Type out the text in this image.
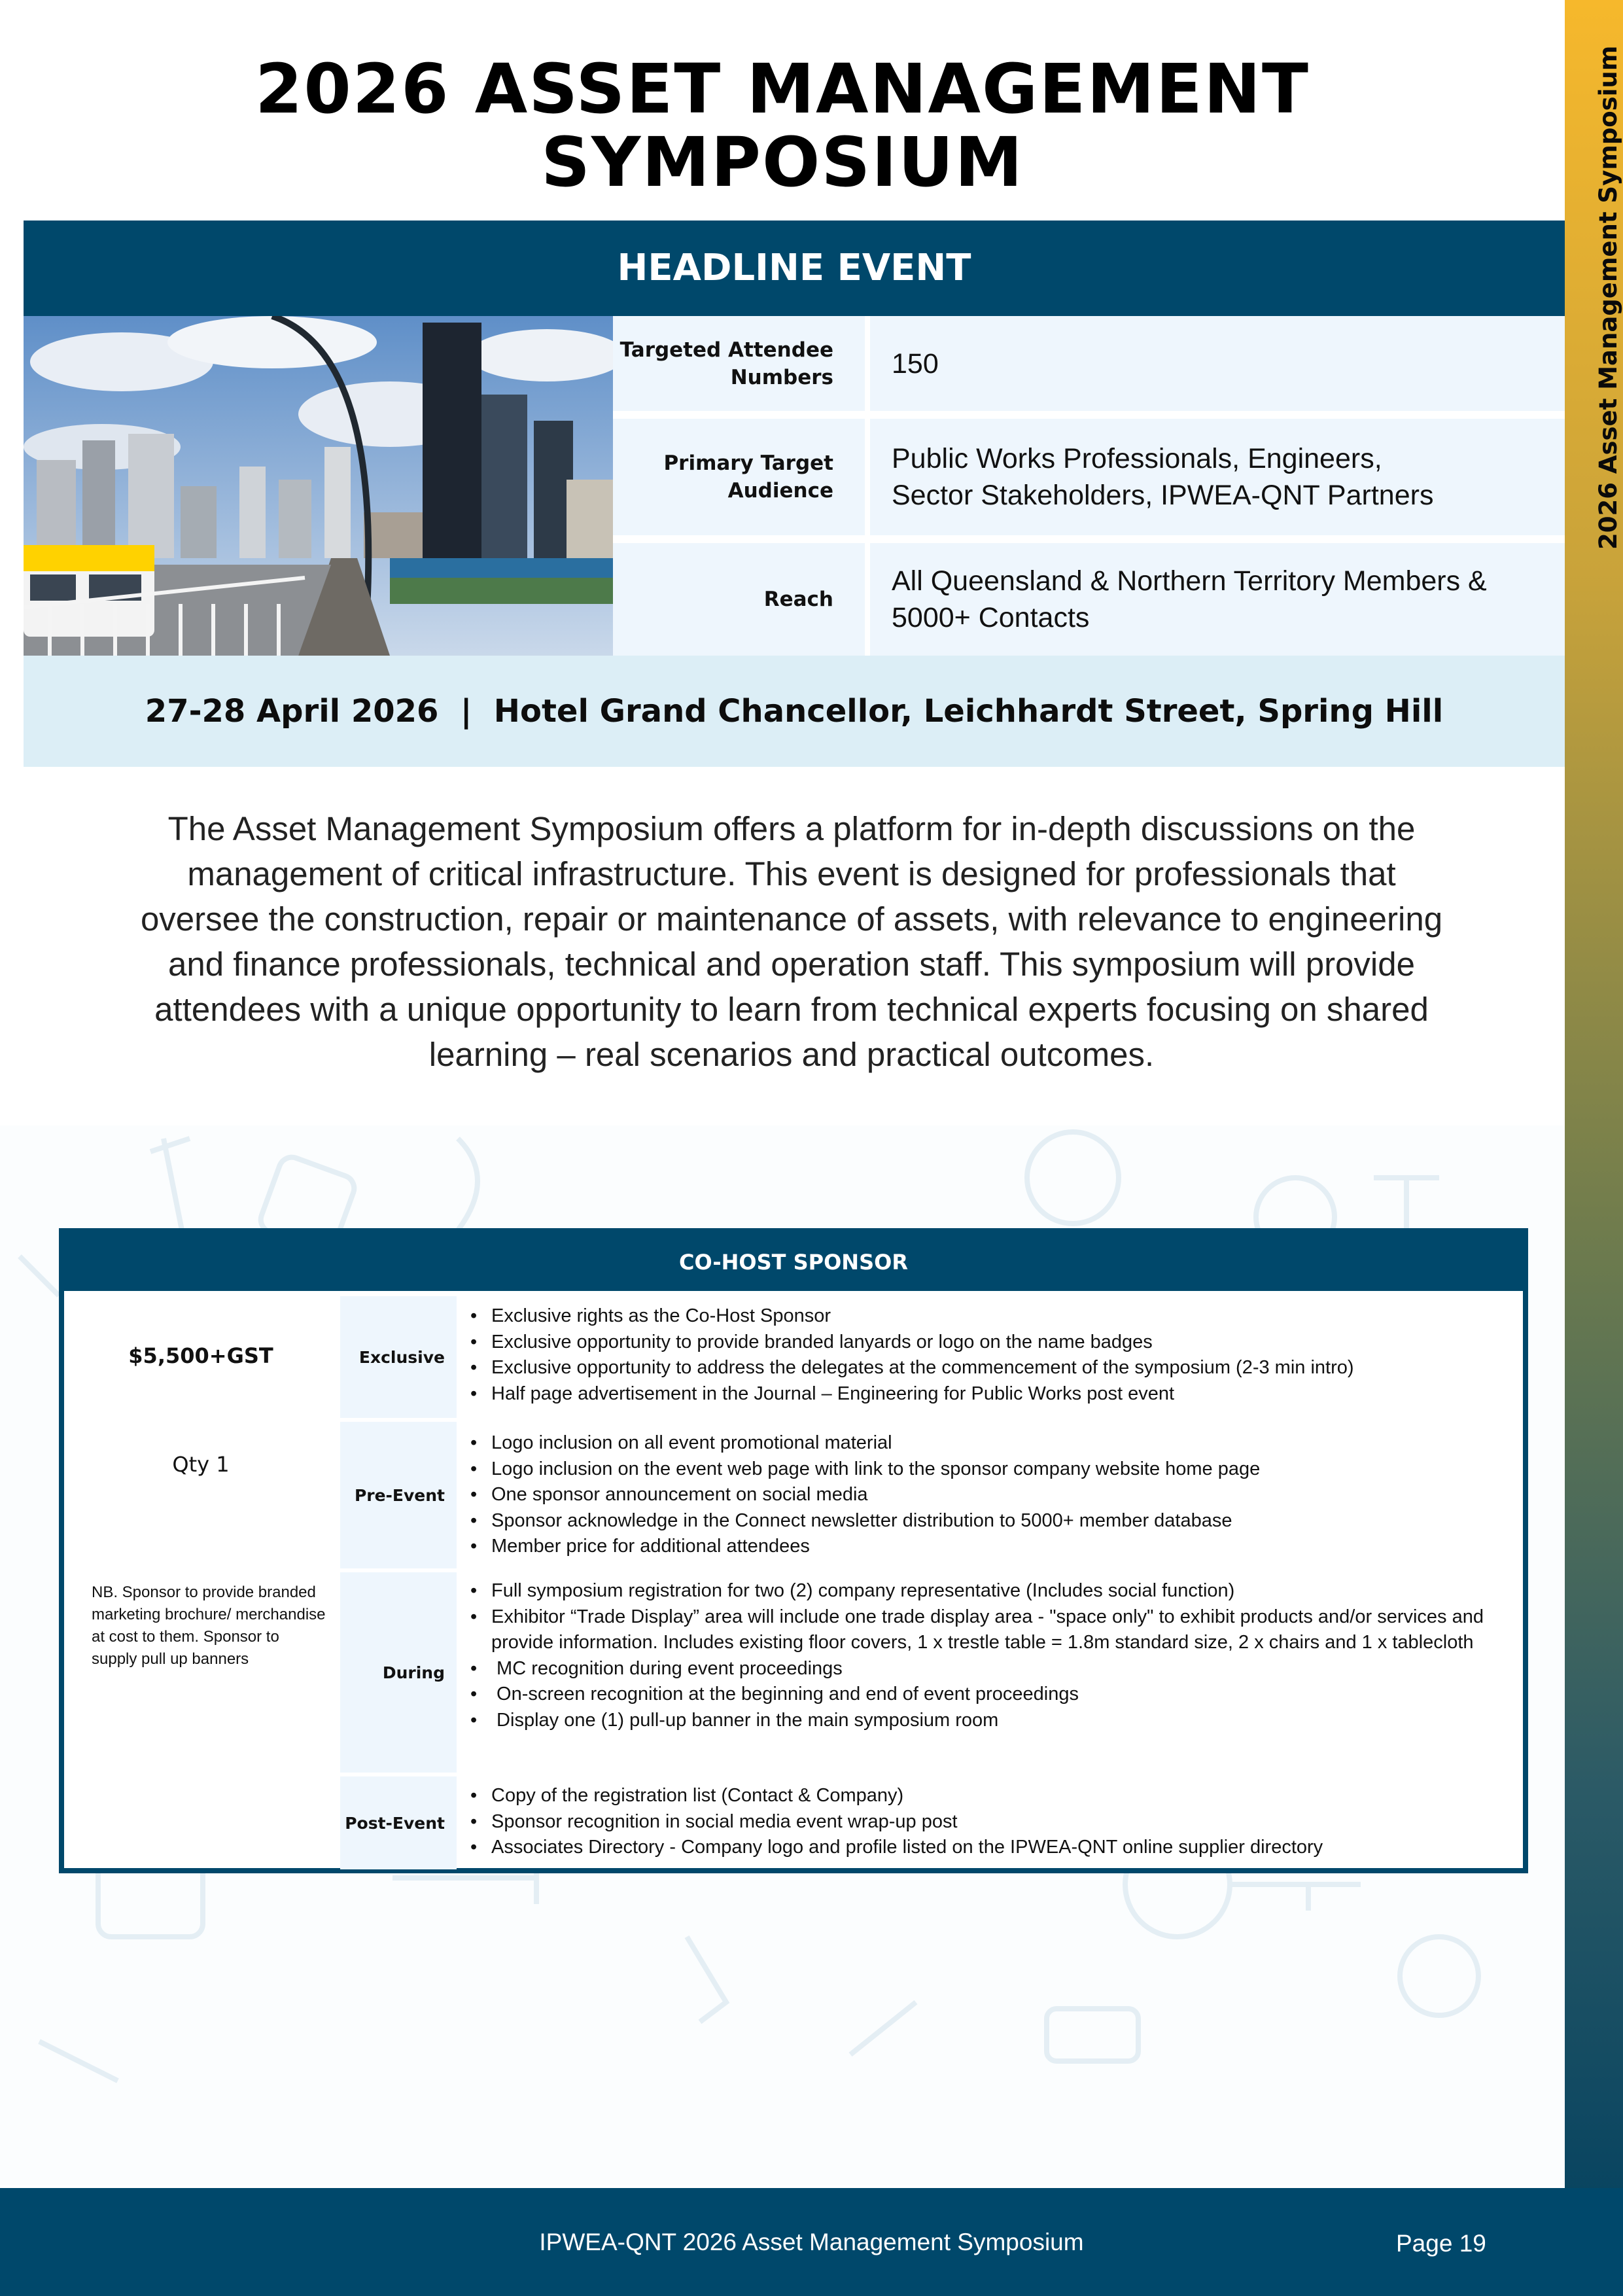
2026 Asset Management Symposium
2026 ASSET MANAGEMENT
SYMPOSIUM
HEADLINE EVENT
Targeted Attendee
Numbers 150
Primary Target
Audience
Public Works Professionals, Engineers,
Sector Stakeholders, IPWEA-QNT Partners
Reach
All Queensland & Northern Territory Members &
5000+ Contacts
27-28 April 2026  |  Hotel Grand Chancellor, Leichhardt Street, Spring Hill
The Asset Management Symposium offers a platform for in-depth discussions on the
management of critical infrastructure. This event is designed for professionals that
oversee the construction, repair or maintenance of assets, with relevance to engineering
and finance professionals, technical and operation staff. This symposium will provide
attendees with a unique opportunity to learn from technical experts focusing on shared
learning – real scenarios and practical outcomes.
CO-HOST SPONSOR
$5,500+GST
Qty 1
NB. Sponsor to provide branded marketing brochure/ merchandise at cost to them. Sponsor to supply pull up banners
Exclusive
• Exclusive rights as the Co-Host Sponsor
• Exclusive opportunity to provide branded lanyards or logo on the name badges
• Exclusive opportunity to address the delegates at the commencement of the symposium (2-3 min intro)
• Half page advertisement in the Journal – Engineering for Public Works post event
Pre-Event
• Logo inclusion on all event promotional material
• Logo inclusion on the event web page with link to the sponsor company website home page
• One sponsor announcement on social media
• Sponsor acknowledge in the Connect newsletter distribution to 5000+ member database
• Member price for additional attendees
During
• Full symposium registration for two (2) company representative (Includes social function)
• Exhibitor “Trade Display” area will include one trade display area - "space only" to exhibit products and/or services and provide information. Includes existing floor covers, 1 x trestle table = 1.8m standard size, 2 x chairs and 1 x tablecloth
•  MC recognition during event proceedings
•  On-screen recognition at the beginning and end of event proceedings
•  Display one (1) pull-up banner in the main symposium room
Post-Event
• Copy of the registration list (Contact & Company)
• Sponsor recognition in social media event wrap-up post
• Associates Directory - Company logo and profile listed on the IPWEA-QNT online supplier directory
IPWEA-QNT 2026 Asset Management Symposium	Page 19
